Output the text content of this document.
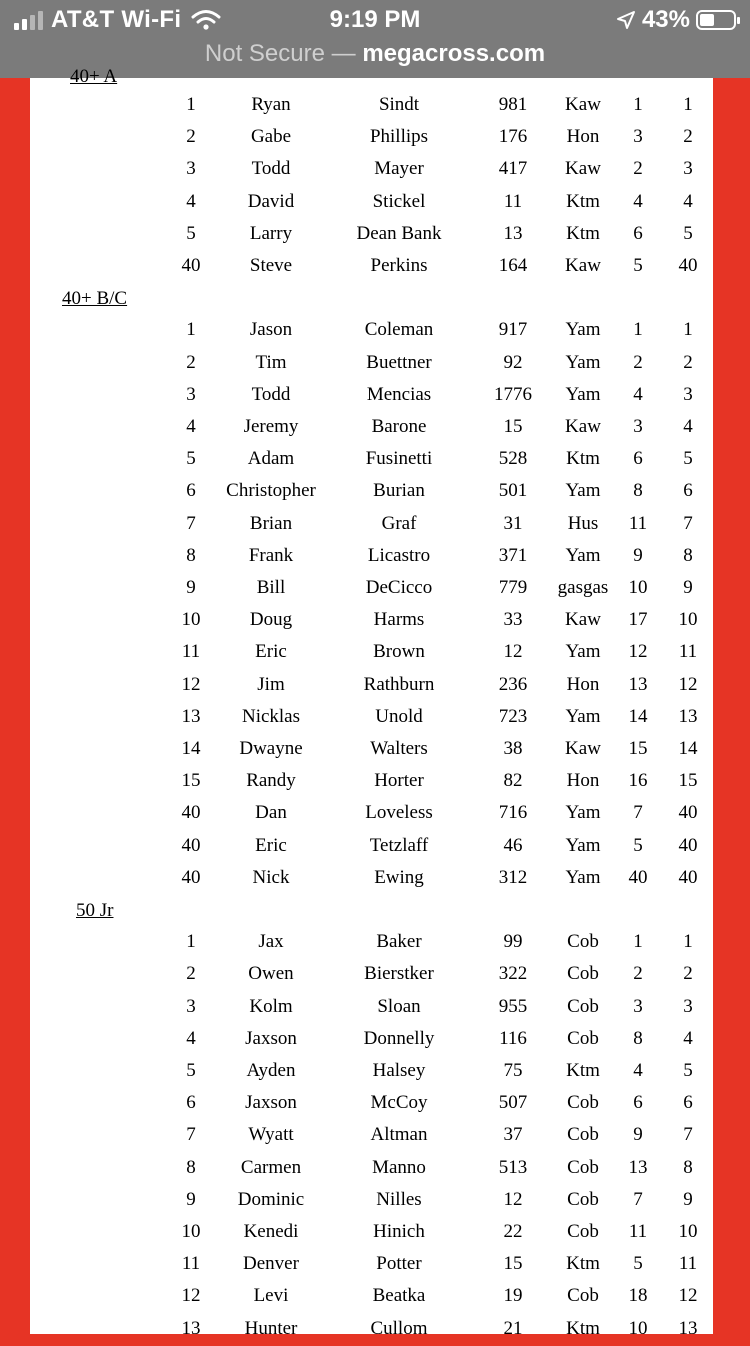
AT&T Wi-Fi	9:19 PM	43%
Not Secure — megacross.com
40+ A
1	Ryan	Sindt	981	Kaw	1	1
2	Gabe	Phillips	176	Hon	3	2
3	Todd	Mayer	417	Kaw	2	3
4	David	Stickel	11	Ktm	4	4
5	Larry	Dean Bank	13	Ktm	6	5
40	Steve	Perkins	164	Kaw	5	40
40+ B/C
1	Jason	Coleman	917	Yam	1	1
2	Tim	Buettner	92	Yam	2	2
3	Todd	Mencias	1776	Yam	4	3
4	Jeremy	Barone	15	Kaw	3	4
5	Adam	Fusinetti	528	Ktm	6	5
6	Christopher	Burian	501	Yam	8	6
7	Brian	Graf	31	Hus	11	7
8	Frank	Licastro	371	Yam	9	8
9	Bill	DeCicco	779	gasgas	10	9
10	Doug	Harms	33	Kaw	17	10
11	Eric	Brown	12	Yam	12	11
12	Jim	Rathburn	236	Hon	13	12
13	Nicklas	Unold	723	Yam	14	13
14	Dwayne	Walters	38	Kaw	15	14
15	Randy	Horter	82	Hon	16	15
40	Dan	Loveless	716	Yam	7	40
40	Eric	Tetzlaff	46	Yam	5	40
40	Nick	Ewing	312	Yam	40	40
50 Jr
1	Jax	Baker	99	Cob	1	1
2	Owen	Bierstker	322	Cob	2	2
3	Kolm	Sloan	955	Cob	3	3
4	Jaxson	Donnelly	116	Cob	8	4
5	Ayden	Halsey	75	Ktm	4	5
6	Jaxson	McCoy	507	Cob	6	6
7	Wyatt	Altman	37	Cob	9	7
8	Carmen	Manno	513	Cob	13	8
9	Dominic	Nilles	12	Cob	7	9
10	Kenedi	Hinich	22	Cob	11	10
11	Denver	Potter	15	Ktm	5	11
12	Levi	Beatka	19	Cob	18	12
13	Hunter	Cullom	21	Ktm	10	13
